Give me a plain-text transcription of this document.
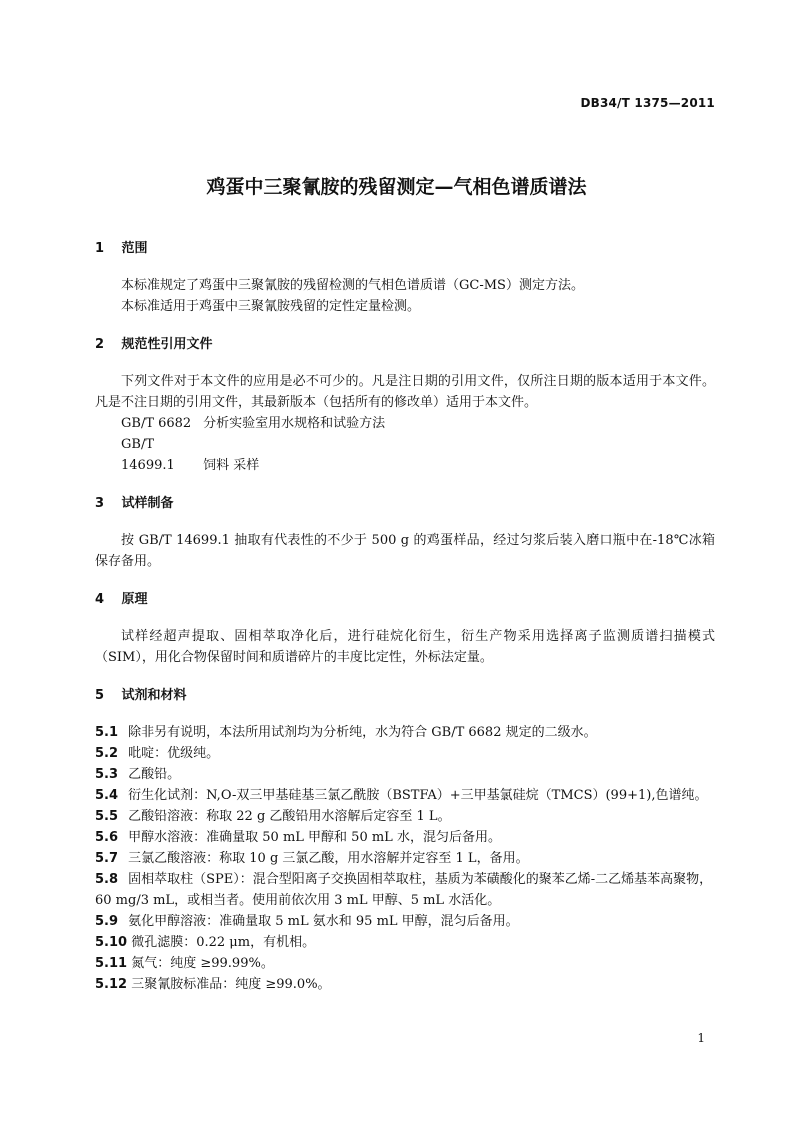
DB34/T 1375—2011
鸡蛋中三聚氰胺的残留测定—气相色谱质谱法
1 范围
本标准规定了鸡蛋中三聚氰胺的残留检测的气相色谱质谱（GC-MS）测定方法。
本标准适用于鸡蛋中三聚氰胺残留的定性定量检测。
2 规范性引用文件
下列文件对于本文件的应用是必不可少的。凡是注日期的引用文件，仅所注日期的版本适用于本文件。凡是不注日期的引用文件，其最新版本（包括所有的修改单）适用于本文件。
GB/T 6682 分析实验室用水规格和试验方法
GB/T 14699.1 饲料 采样
3 试样制备
按 GB/T 14699.1 抽取有代表性的不少于 500 g 的鸡蛋样品，经过匀浆后装入磨口瓶中在-18℃冰箱保存备用。
4 原理
试样经超声提取、固相萃取净化后，进行硅烷化衍生，衍生产物采用选择离子监测质谱扫描模式（SIM），用化合物保留时间和质谱碎片的丰度比定性，外标法定量。
5 试剂和材料
5.1 除非另有说明，本法所用试剂均为分析纯，水为符合 GB/T 6682 规定的二级水。
5.2 吡啶：优级纯。
5.3 乙酸铅。
5.4 衍生化试剂：N,O-双三甲基硅基三氯乙酰胺（BSTFA）+三甲基氯硅烷（TMCS）(99+1),色谱纯。
5.5 乙酸铅溶液：称取 22 g 乙酸铅用水溶解后定容至 1 L。
5.6 甲醇水溶液：准确量取 50 mL 甲醇和 50 mL 水，混匀后备用。
5.7 三氯乙酸溶液：称取 10 g 三氯乙酸，用水溶解并定容至 1 L，备用。
5.8 固相萃取柱（SPE）：混合型阳离子交换固相萃取柱，基质为苯磺酸化的聚苯乙烯-二乙烯基苯高聚物，60 mg/3 mL，或相当者。使用前依次用 3 mL 甲醇、5 mL 水活化。
5.9 氨化甲醇溶液：准确量取 5 mL 氨水和 95 mL 甲醇，混匀后备用。
5.10 微孔滤膜：0.22 μm，有机相。
5.11 氮气：纯度 ≥99.99%。
5.12 三聚氰胺标准品：纯度 ≥99.0%。
1
